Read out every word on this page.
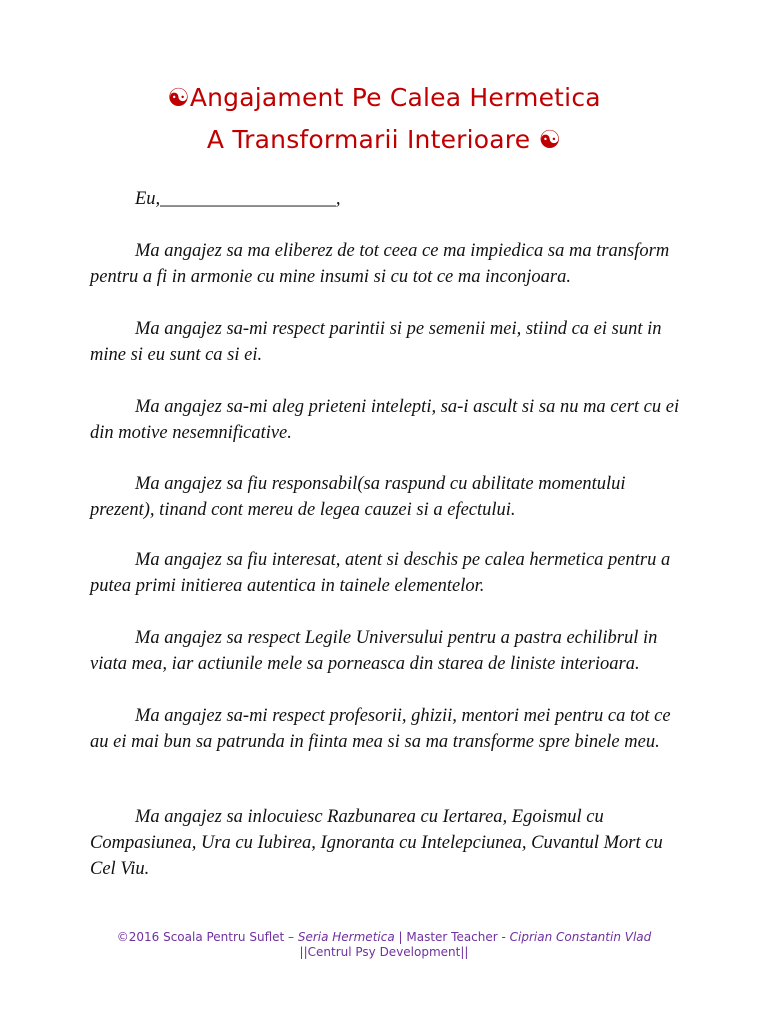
☯Angajament Pe Calea Hermetica
A Transformarii Interioare ☯

Eu,___________________,

Ma angajez sa ma eliberez de tot ceea ce ma impiedica sa ma transform pentru a fi in armonie cu mine insumi si cu tot ce ma inconjoara.

Ma angajez sa-mi respect parintii si pe semenii mei, stiind ca ei sunt in mine si eu sunt ca si ei.

Ma angajez sa-mi aleg prieteni intelepti, sa-i ascult si sa nu ma cert cu ei din motive nesemnificative.

Ma angajez sa fiu responsabil(sa raspund cu abilitate momentului prezent), tinand cont mereu de legea cauzei si a efectului.

Ma angajez sa fiu interesat, atent si deschis pe calea hermetica pentru a putea primi initierea autentica in tainele elementelor.

Ma angajez sa respect Legile Universului pentru a pastra echilibrul in viata mea, iar actiunile mele sa porneasca din starea de liniste interioara.

Ma angajez sa-mi respect profesorii, ghizii, mentori mei pentru ca tot ce au ei mai bun sa patrunda in fiinta mea si sa ma transforme spre binele meu.

Ma angajez sa inlocuiesc Razbunarea cu Iertarea, Egoismul cu Compasiunea, Ura cu Iubirea, Ignoranta cu Intelepciunea, Cuvantul Mort cu Cel Viu.

©2016 Scoala Pentru Suflet – Seria Hermetica | Master Teacher - Ciprian Constantin Vlad
||Centrul Psy Development||
